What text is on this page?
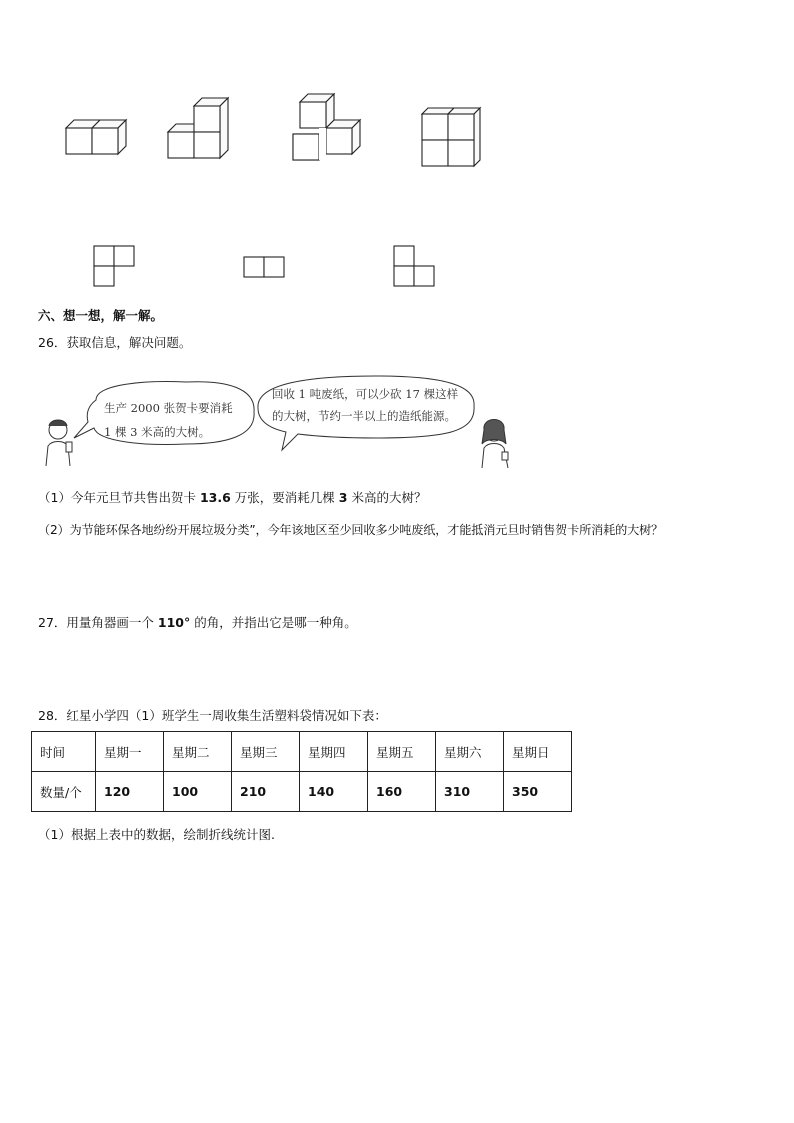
六、想一想，解一解。
26．获取信息，解决问题。
生产 2000 张贺卡要消耗
1 棵 3 米高的大树。
回收 1 吨废纸，可以少砍 17 棵这样
的大树，节约一半以上的造纸能源。
（1）今年元旦节共售出贺卡 13.6 万张，要消耗几棵 3 米高的大树？
（2）为节能环保各地纷纷开展垃圾分类”，今年该地区至少回收多少吨废纸，才能抵消元旦时销售贺卡所消耗的大树？
27．用量角器画一个 110° 的角，并指出它是哪一种角。
28．红星小学四（1）班学生一周收集生活塑料袋情况如下表：
时间	星期一	星期二	星期三	星期四	星期五	星期六	星期日
数量/个	120	100	210	140	160	310	350
（1）根据上表中的数据，绘制折线统计图.
